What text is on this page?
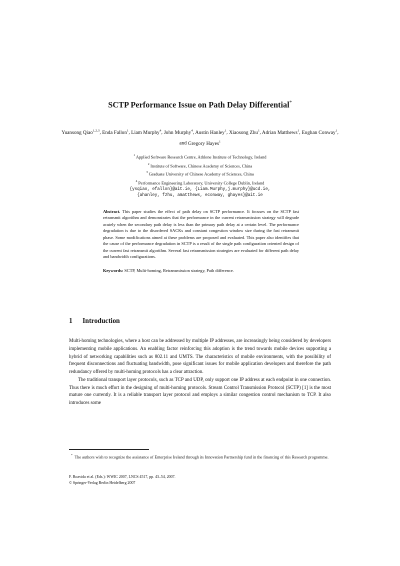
SCTP Performance Issue on Path Delay Differential*
Yuansong Qiao$^{1,2,3}$, Enda Fallon$^1$, Liam Murphy$^4$, John Murphy$^4$, Austin Hanley$^1$, Xiaosong Zhu$^1$, Adrian Matthews$^1$, Eoghan Conway$^1$, and Gregory Hayes$^1$
$^1$ Applied Software Research Centre, Athlone Institute of Technology, Ireland
$^2$ Institute of Software, Chinese Academy of Sciences, China
$^3$ Graduate University of Chinese Academy of Sciences, China
$^4$ Performance Engineering Laboratory, University College Dublin, Ireland
{ysqiao, efallon}@ait.ie, {Liam.Murphy,j.murphy}@ucd.ie,
{ahanley, fzhu, amatthews, econway, ghayes}@ait.ie
Abstract. This paper studies the effect of path delay on SCTP performance. It focuses on the SCTP fast retransmit algorithm and demonstrates that the performance in the current retransmission strategy will degrade acutely when the secondary path delay is less than the primary path delay at a certain level. The performance degradation is due to the disordered SACKs and constant congestion window size during the fast retransmit phase. Some modifications aimed at these problems are proposed and evaluated. This paper also identifies that the cause of the performance degradation in SCTP is a result of the single path configuration oriented design of the current fast retransmit algorithm. Several fast retransmission strategies are evaluated for different path delay and bandwidth configurations.
Keywords: SCTP, Multi-homing, Retransmission strategy, Path difference.
1 Introduction

Multi-homing technologies, where a host can be addressed by multiple IP addresses, are increasingly being considered by developers implementing mobile applications. An enabling factor reinforcing this adoption is the trend towards mobile devices supporting a hybrid of networking capabilities such as 802.11 and UMTS. The characteristics of mobile environments, with the possibility of frequent disconnections and fluctuating bandwidth, pose significant issues for mobile application developers and therefore the path redundancy offered by multi-homing protocols has a clear attraction.

The traditional transport layer protocols, such as TCP and UDP, only support one IP address at each endpoint in one connection. Thus there is much effort in the designing of multi-homing protocols. Stream Control Transmission Protocol (SCTP) [1] is the most mature one currently. It is a reliable transport layer protocol and employs a similar congestion control mechanism to TCP. It also introduces some

* The authors wish to recognize the assistance of Enterprise Ireland through its Innovation Partnership fund in the financing of this Research programme.
F. Boavida et al. (Eds.): WWIC 2007, LNCS 4517, pp. 43–54, 2007.
© Springer-Verlag Berlin Heidelberg 2007
